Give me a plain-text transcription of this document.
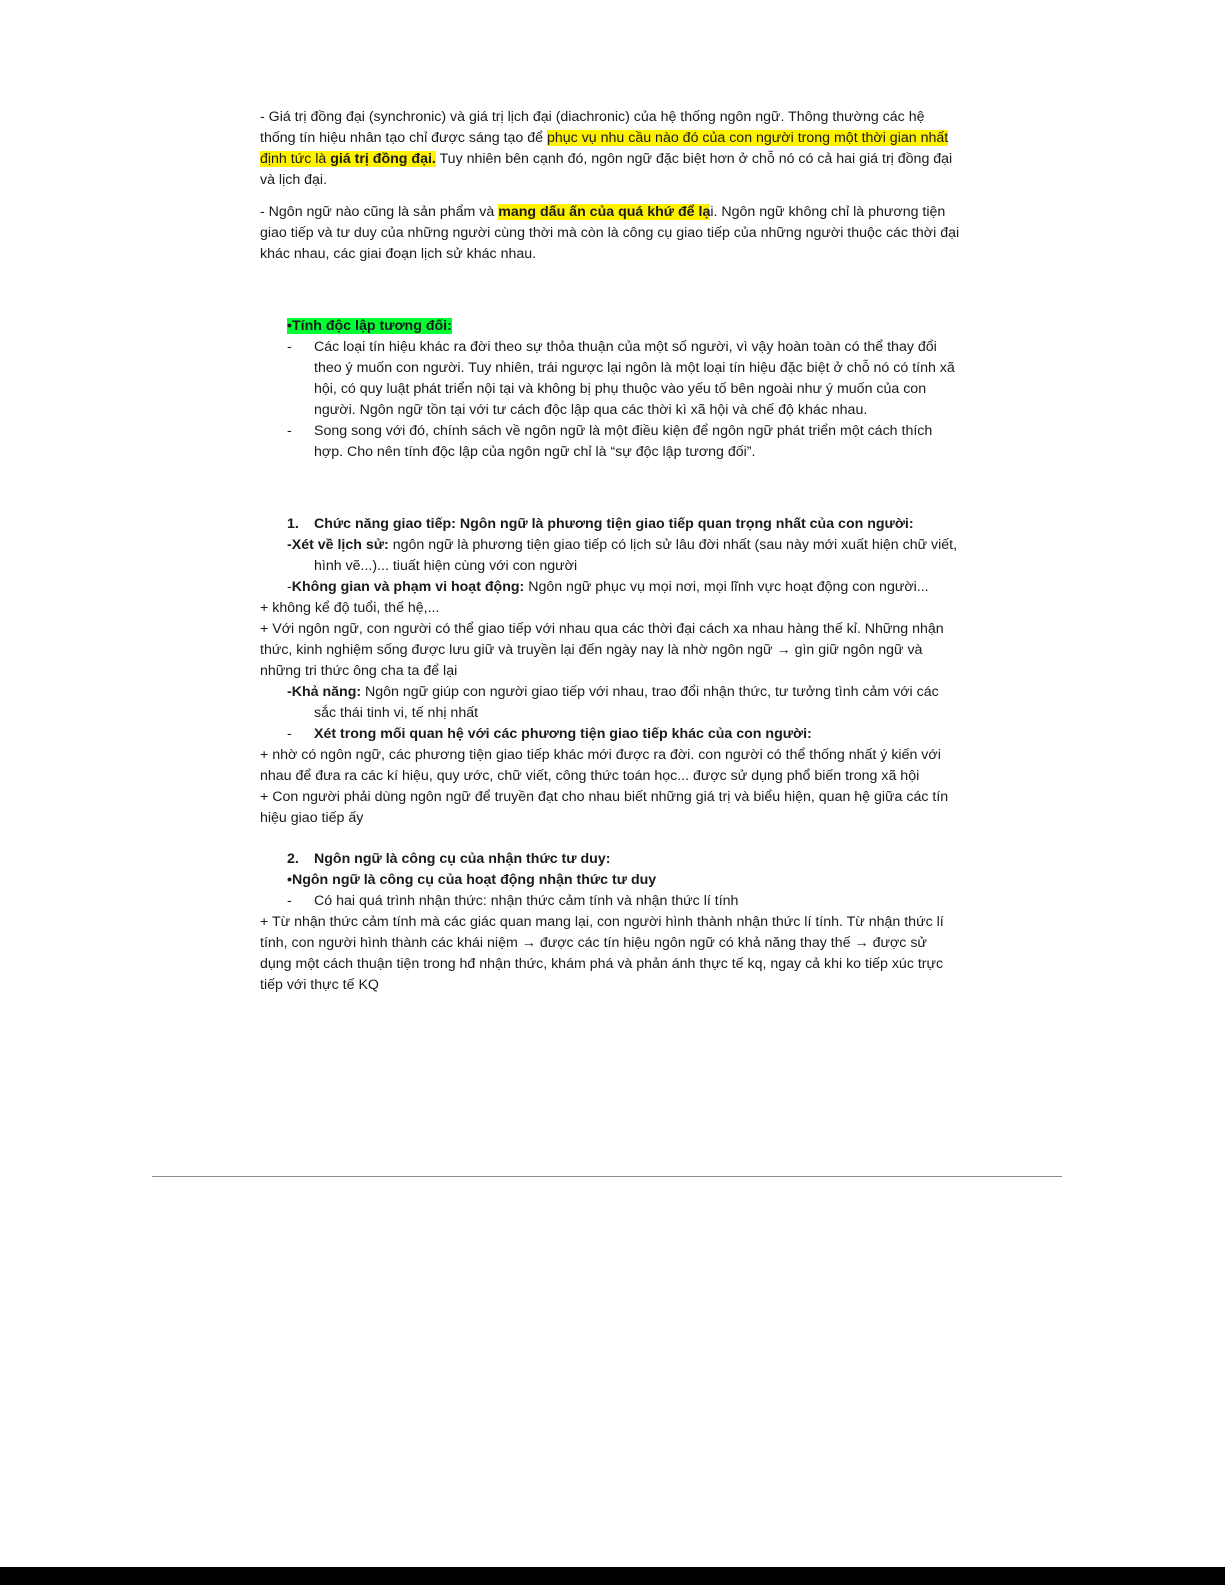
- Giá trị đồng đại (synchronic) và giá trị lịch đại (diachronic) của hệ thống ngôn ngữ. Thông thường các hệ thống tín hiệu nhân tạo chỉ được sáng tạo để phục vụ nhu cầu nào đó của con người trong một thời gian nhất định tức là giá trị đồng đại. Tuy nhiên bên cạnh đó, ngôn ngữ đặc biệt hơn ở chỗ nó có cả hai giá trị đồng đại và lịch đại.

- Ngôn ngữ nào cũng là sản phẩm và mang dấu ấn của quá khứ để lại. Ngôn ngữ không chỉ là phương tiện giao tiếp và tư duy của những người cùng thời mà còn là công cụ giao tiếp của những người thuộc các thời đại khác nhau, các giai đoạn lịch sử khác nhau.

•Tính độc lập tương đối:

- Các loại tín hiệu khác ra đời theo sự thỏa thuận của một số người, vì vậy hoàn toàn có thể thay đổi theo ý muốn con người. Tuy nhiên, trái ngược lại ngôn là một loại tín hiệu đặc biệt ở chỗ nó có tính xã hội, có quy luật phát triển nội tại và không bị phụ thuộc vào yếu tố bên ngoài như ý muốn của con người. Ngôn ngữ tồn tại với tư cách độc lập qua các thời kì xã hội và chế độ khác nhau.
- Song song với đó, chính sách về ngôn ngữ là một điều kiện để ngôn ngữ phát triển một cách thích hợp. Cho nên tính độc lập của ngôn ngữ chỉ là “sự độc lập tương đối”.
1. Chức năng giao tiếp: Ngôn ngữ là phương tiện giao tiếp quan trọng nhất của con người:

-Xét về lịch sử: ngôn ngữ là phương tiện giao tiếp có lịch sử lâu đời nhất (sau này mới xuất hiện chữ viết, hình vẽ...)... tiuất hiện cùng với con người

-Không gian và phạm vi hoạt động: Ngôn ngữ phục vụ mọi nơi, mọi lĩnh vực hoạt động con người...

+ không kể độ tuổi, thế hệ,...

+ Với ngôn ngữ, con người có thể giao tiếp với nhau qua các thời đại cách xa nhau hàng thế kỉ. Những nhận thức, kinh nghiệm sống được lưu giữ và truyền lại đến ngày nay là nhờ ngôn ngữ → gìn giữ ngôn ngữ và những tri thức ông cha ta để lại

-Khả năng: Ngôn ngữ giúp con người giao tiếp với nhau, trao đổi nhận thức, tư tưởng tình cảm với các sắc thái tinh vi, tế nhị nhất

- Xét trong mối quan hệ với các phương tiện giao tiếp khác của con người:

+ nhờ có ngôn ngữ, các phương tiện giao tiếp khác mới được ra đời. con người có thể thống nhất ý kiến với nhau để đưa ra các kí hiệu, quy ước, chữ viết, công thức toán học... được sử dụng phổ biến trong xã hội

+ Con người phải dùng ngôn ngữ để truyền đạt cho nhau biết những giá trị và biểu hiện, quan hệ giữa các tín hiệu giao tiếp ấy

2. Ngôn ngữ là công cụ của nhận thức tư duy:

•Ngôn ngữ là công cụ của hoạt động nhận thức tư duy

- Có hai quá trình nhận thức: nhận thức cảm tính và nhận thức lí tính

+ Từ nhận thức cảm tính mà các giác quan mang lại, con người hình thành nhận thức lí tính. Từ nhận thức lí tính, con người hình thành các khái niệm → được các tín hiệu ngôn ngữ có khả năng thay thế → được sử dụng một cách thuận tiện trong hđ nhận thức, khám phá và phản ánh thực tế kq, ngay cả khi ko tiếp xúc trực tiếp với thực tế KQ
